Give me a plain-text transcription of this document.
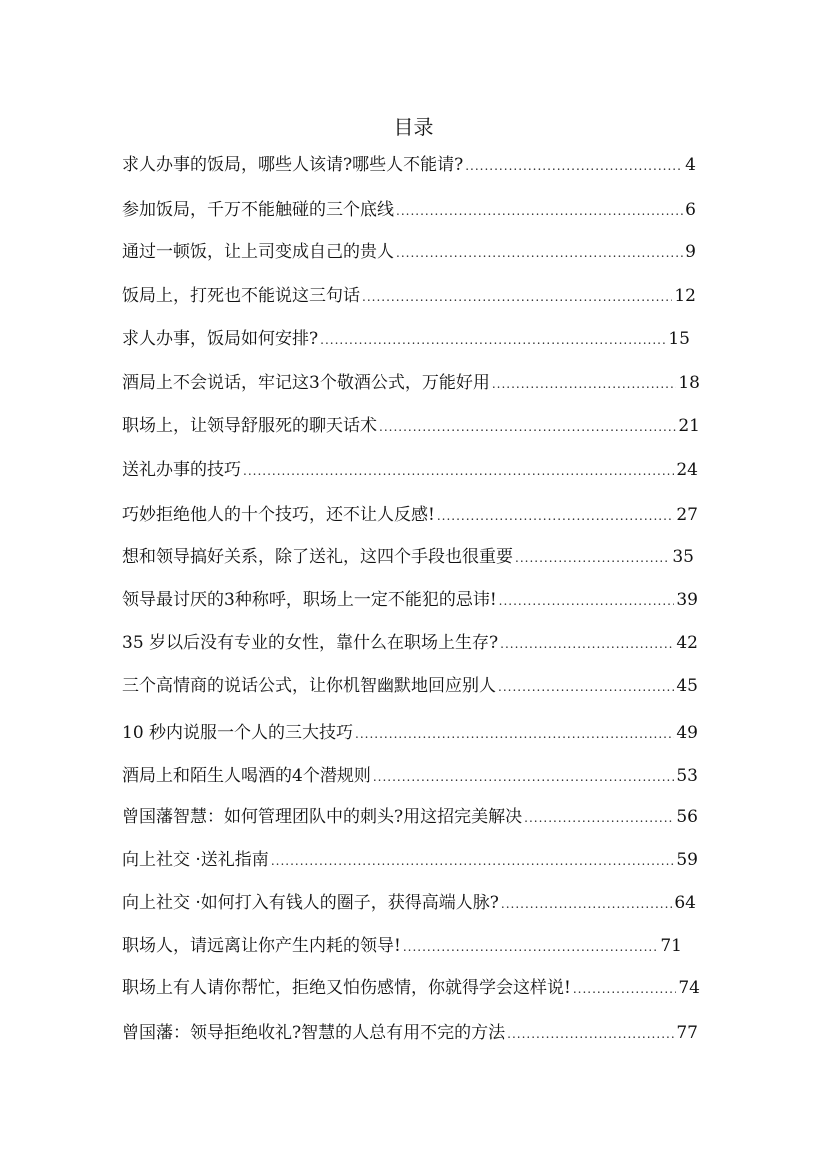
目录
求人办事的饭局，哪些人该请?哪些人不能请? .....	4
参加饭局，千万不能触碰的三个底线 .....	6
通过一顿饭，让上司变成自己的贵人 .....	9
饭局上，打死也不能说这三句话 .....	12
求人办事，饭局如何安排? .....	15
酒局上不会说话，牢记这3个敬酒公式，万能好用 .....	18
职场上，让领导舒服死的聊天话术 .....	21
送礼办事的技巧 .....	24
巧妙拒绝他人的十个技巧，还不让人反感! .....	27
想和领导搞好关系，除了送礼，这四个手段也很重要 .....	35
领导最讨厌的3种称呼，职场上一定不能犯的忌讳! .....	39
35 岁以后没有专业的女性，靠什么在职场上生存? .....	42
三个高情商的说话公式，让你机智幽默地回应别人 .....	45
10 秒内说服一个人的三大技巧 .....	49
酒局上和陌生人喝酒的4个潜规则 .....	53
曾国藩智慧：如何管理团队中的刺头?用这招完美解决 .....	56
向上社交 ·送礼指南 .....	59
向上社交 ·如何打入有钱人的圈子，获得高端人脉? .....	64
职场人，请远离让你产生内耗的领导! .....	71
职场上有人请你帮忙，拒绝又怕伤感情，你就得学会这样说! .....	74
曾国藩：领导拒绝收礼?智慧的人总有用不完的方法 .....	77
